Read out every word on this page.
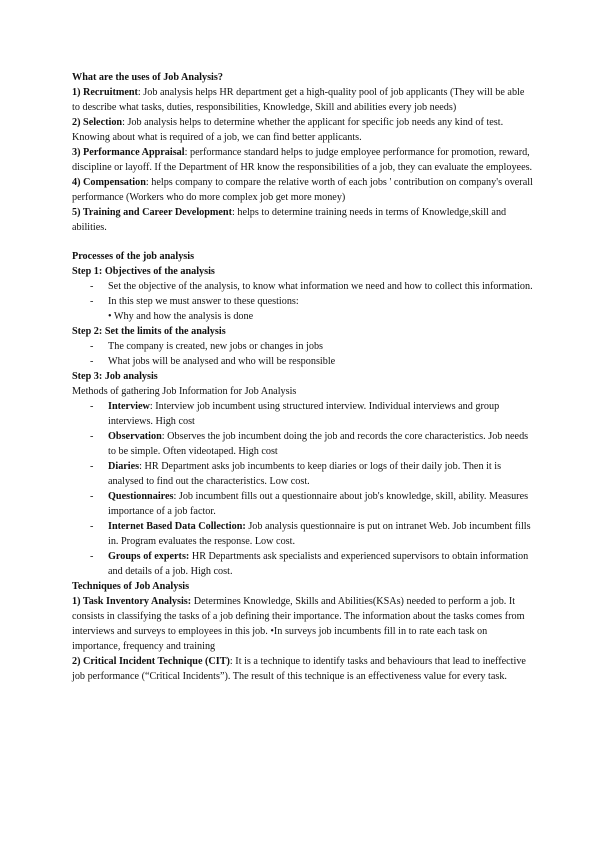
What are the uses of Job Analysis?

1) Recruitment: Job analysis helps HR department get a high-quality pool of job applicants (They will be able to describe what tasks, duties, responsibilities, Knowledge, Skill and abilities every job needs)

2) Selection: Job analysis helps to determine whether the applicant for specific job needs any kind of test. Knowing about what is required of a job, we can find better applicants.

3) Performance Appraisal: performance standard helps to judge employee performance for promotion, reward, discipline or layoff. If the Department of HR know the responsibilities of a job, they can evaluate the employees.

4) Compensation: helps company to compare the relative worth of each jobs ' contribution on company's overall performance (Workers who do more complex job get more money)

5) Training and Career Development: helps to determine training needs in terms of Knowledge,skill and abilities.

Processes of the job analysis

Step 1: Objectives of the analysis

- Set the objective of the analysis, to know what information we need and how to collect this information.
- In this step we must answer to these questions:
• Why and how the analysis is done

Step 2: Set the limits of the analysis

- The company is created, new jobs or changes in jobs
- What jobs will be analysed and who will be responsible

Step 3: Job analysis

Methods of gathering Job Information for Job Analysis

- Interview: Interview job incumbent using structured interview. Individual interviews and group interviews. High cost
- Observation: Observes the job incumbent doing the job and records the core characteristics. Job needs to be simple. Often videotaped. High cost
- Diaries: HR Department asks job incumbents to keep diaries or logs of their daily job. Then it is analysed to find out the characteristics. Low cost.
- Questionnaires: Job incumbent fills out a questionnaire about job's knowledge, skill, ability. Measures importance of a job factor.
- Internet Based Data Collection: Job analysis questionnaire is put on intranet Web. Job incumbent fills in. Program evaluates the response. Low cost.
- Groups of experts: HR Departments ask specialists and experienced supervisors to obtain information and details of a job. High cost.

Techniques of Job Analysis

1) Task Inventory Analysis: Determines Knowledge, Skills and Abilities(KSAs) needed to perform a job. It consists in classifying the tasks of a job defining their importance. The information about the tasks comes from interviews and surveys to employees in this job. •In surveys job incumbents fill in to rate each task on importance, frequency and training

2) Critical Incident Technique (CIT): It is a technique to identify tasks and behaviours that lead to ineffective job performance (“Critical Incidents”). The result of this technique is an effectiveness value for every task.
